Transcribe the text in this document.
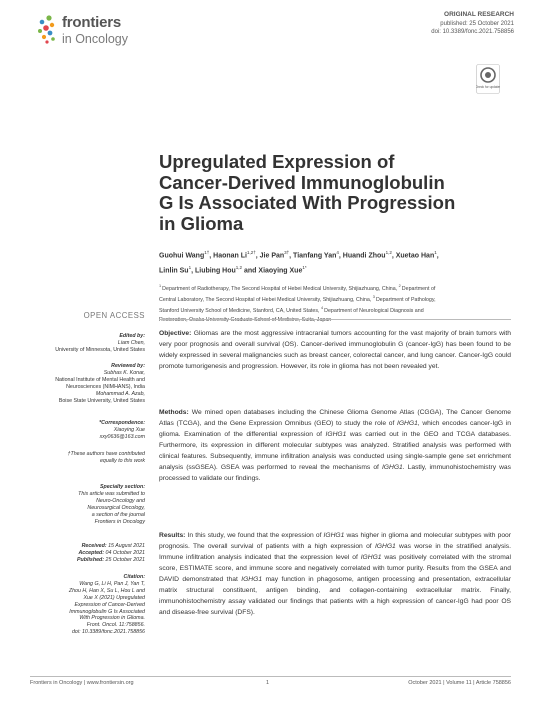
frontiers
in Oncology
ORIGINAL RESEARCH
published: 25 October 2021
doi: 10.3389/fonc.2021.758856
Check for updates
Upregulated Expression of
Cancer-Derived Immunoglobulin
G Is Associated With Progression
in Glioma
Guohui Wang$^{1\dagger}$, Haonan $Li^{1,2\dagger}$, Jie Pan$^{3\dagger}$, Tianfang Yan$^4$, Huandi Zhou$^{1,2}$, Xuetao Han$^1$,
Linlin Su$^1$, Liubing Hou$^{1,2}$ and Xiaoying Xue$^{1*}$
$^1$ Department of Radiotherapy, The Second Hospital of Hebei Medical University, Shijiazhuang, China, $^2$ Department of
Central Laboratory, The Second Hospital of Hebei Medical University, Shijiazhuang, China, $^3$ Department of Pathology,
Stanford University School of Medicine, Stanford, CA, United States, $^4$ Department of Neurological Diagnosis and
Restoration, Osaka University Graduate School of Medicine, Suita, Japan
OPEN ACCESS
Edited by:
Liam Chen,
University of Minnesota, United States
Reviewed by:
Subhas K. Konar,
National Institute of Mental Health and
Neurosciences (NIMHANS), India
Mohammad A. Azab,
Boise State University, United States
*Correspondence:
Xiaoying Xue
xxy0636@163.com
†These authors have contributed
equally to this work
Specialty section:
This article was submitted to
Neuro-Oncology and
Neurosurgical Oncology,
a section of the journal
Frontiers in Oncology
Received: 15 August 2021
Accepted: 04 October 2021
Published: 25 October 2021
Citation:
Wang G, Li H, Pan J, Yan T,
Zhou H, Han X, Su L, Hou L and
Xue X (2021) Upregulated
Expression of Cancer-Derived
Immunoglobulin G Is Associated
With Progression in Glioma.
Front. Oncol. 11:758856.
doi: 10.3389/fonc.2021.758856
Objective: Gliomas are the most aggressive intracranial tumors accounting for the vast majority of brain tumors with very poor prognosis and overall survival (OS). Cancer-derived immunoglobulin G (cancer-IgG) has been found to be widely expressed in several malignancies such as breast cancer, colorectal cancer, and lung cancer. Cancer-IgG could promote tumorigenesis and progression. However, its role in glioma has not been revealed yet.
Methods: We mined open databases including the Chinese Glioma Genome Atlas (CGGA), The Cancer Genome Atlas (TCGA), and the Gene Expression Omnibus (GEO) to study the role of IGHG1, which encodes cancer-IgG in glioma. Examination of the differential expression of IGHG1 was carried out in the GEO and TCGA databases. Furthermore, its expression in different molecular subtypes was analyzed. Stratified analysis was performed with clinical features. Subsequently, immune infiltration analysis was conducted using single-sample gene set enrichment analysis (ssGSEA). GSEA was performed to reveal the mechanisms of IGHG1. Lastly, immunohistochemistry was processed to validate our findings.
Results: In this study, we found that the expression of IGHG1 was higher in glioma and molecular subtypes with poor prognosis. The overall survival of patients with a high expression of IGHG1 was worse in the stratified analysis. Immune infiltration analysis indicated that the expression level of IGHG1 was positively correlated with the stromal score, ESTIMATE score, and immune score and negatively correlated with tumor purity. Results from the GSEA and DAVID demonstrated that IGHG1 may function in phagosome, antigen processing and presentation, extracellular matrix structural constituent, antigen binding, and collagen-containing extracellular matrix. Finally, immunohistochemistry assay validated our findings that patients with a high expression of cancer-IgG had poor OS and disease-free survival (DFS).
Frontiers in Oncology | www.frontiersin.org	1	October 2021 | Volume 11 | Article 758856
